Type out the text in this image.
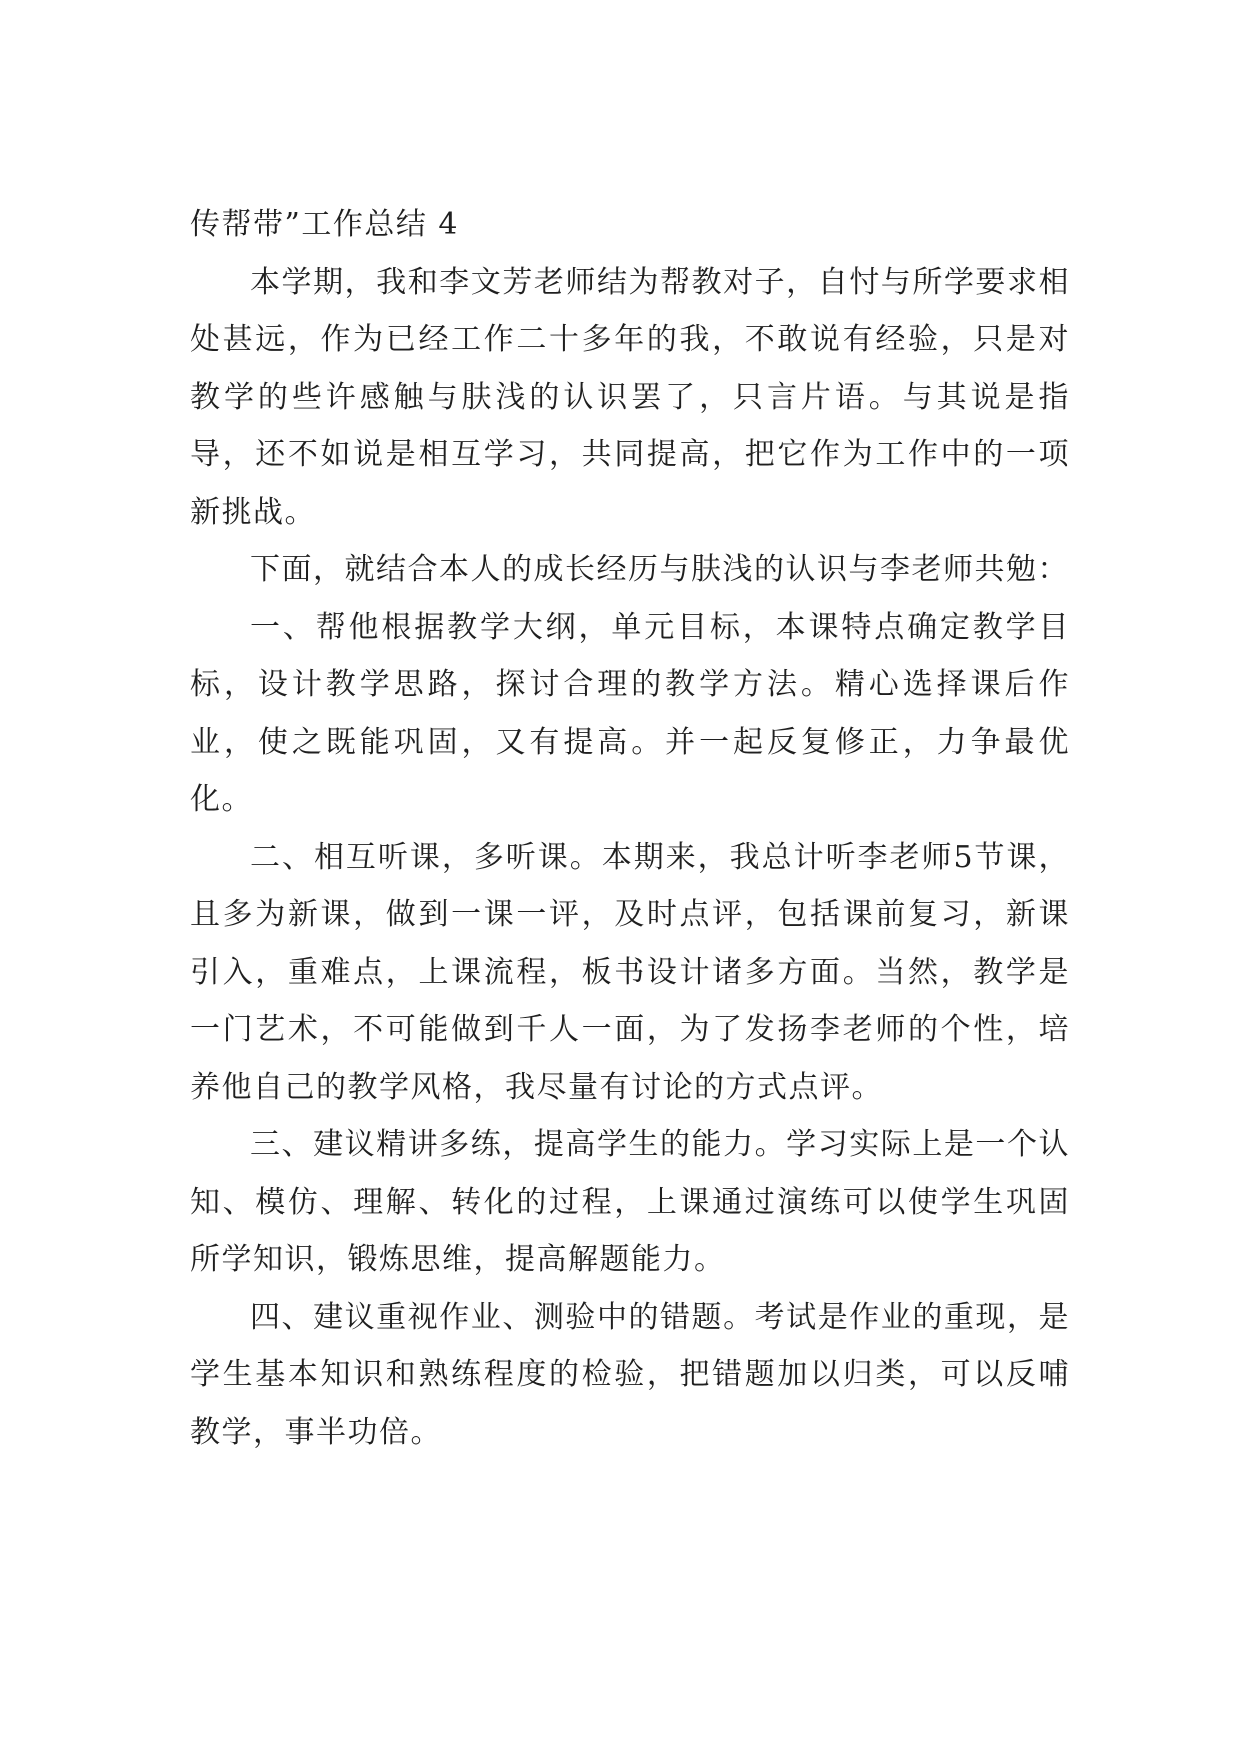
传帮带”工作总结 4

本学期，我和李文芳老师结为帮教对子，自忖与所学要求相处甚远，作为已经工作二十多年的我，不敢说有经验，只是对教学的些许感触与肤浅的认识罢了，只言片语。与其说是指导，还不如说是相互学习，共同提高，把它作为工作中的一项新挑战。

下面，就结合本人的成长经历与肤浅的认识与李老师共勉：

一、帮他根据教学大纲，单元目标，本课特点确定教学目标，设计教学思路，探讨合理的教学方法。精心选择课后作业，使之既能巩固，又有提高。并一起反复修正，力争最优化。

二、相互听课，多听课。本期来，我总计听李老师5节课，且多为新课，做到一课一评，及时点评，包括课前复习，新课引入，重难点，上课流程，板书设计诸多方面。当然，教学是一门艺术，不可能做到千人一面，为了发扬李老师的个性，培养他自己的教学风格，我尽量有讨论的方式点评。

三、建议精讲多练，提高学生的能力。学习实际上是一个认知、模仿、理解、转化的过程，上课通过演练可以使学生巩固所学知识，锻炼思维，提高解题能力。

四、建议重视作业、测验中的错题。考试是作业的重现，是学生基本知识和熟练程度的检验，把错题加以归类，可以反哺教学，事半功倍。
